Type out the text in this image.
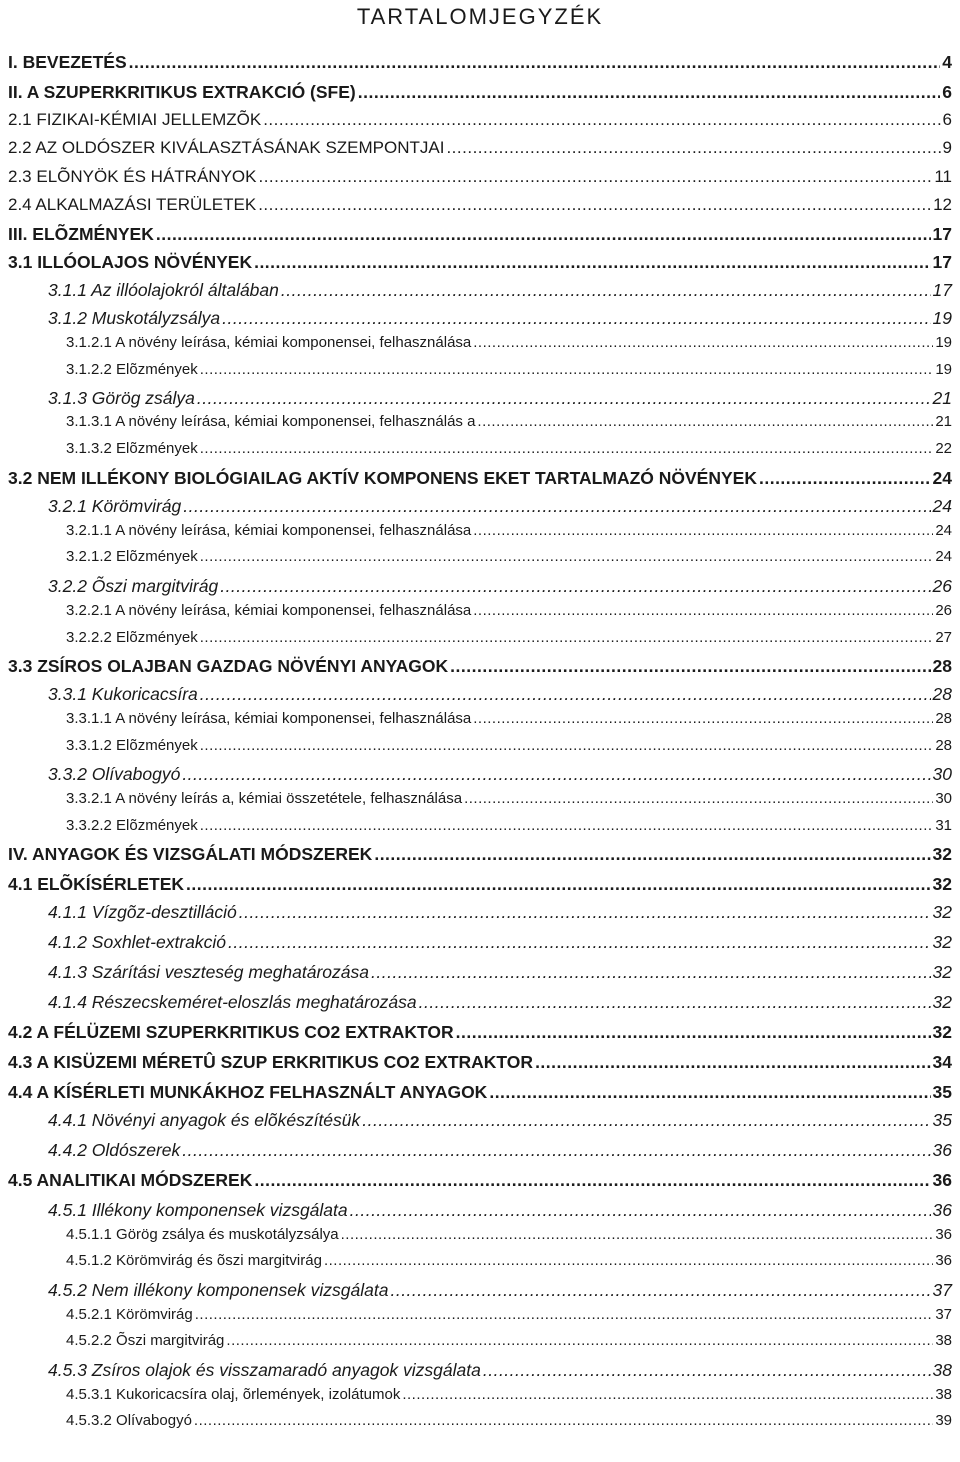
TARTALOMJEGYZÉK
I. BEVEZETÉS .....	4
II. A SZUPERKRITIKUS EXTRAKCIÓ (SFE) .....	6
2.1 FIZIKAI-KÉMIAI JELLEMZÕK .....	6
2.2 AZ OLDÓSZER KIVÁLASZTÁSÁNAK SZEMPONTJAI .....	9
2.3 ELÕNYÖK ÉS HÁTRÁNYOK .....	11
2.4 ALKALMAZÁSI TERÜLETEK .....	12
III. ELÕZMÉNYEK .....	17
3.1 ILLÓOLAJOS NÖVÉNYEK .....	17
3.1.1 Az illóolajokról általában .....	17
3.1.2 Muskotályzsálya .....	19
3.1.2.1 A növény leírása, kémiai komponensei, felhasználása .....	19
3.1.2.2 Elõzmények .....	19
3.1.3 Görög zsálya .....	21
3.1.3.1 A növény leírása, kémiai komponensei, felhasználás a .....	21
3.1.3.2 Elõzmények .....	22
3.2 NEM ILLÉKONY BIOLÓGIAILAG AKTÍV KOMPONENS EKET TARTALMAZÓ NÖVÉNYEK .....	24
3.2.1 Körömvirág .....	24
3.2.1.1 A növény leírása, kémiai komponensei, felhasználása .....	24
3.2.1.2 Elõzmények .....	24
3.2.2 Õszi margitvirág .....	26
3.2.2.1 A növény leírása, kémiai komponensei, felhasználása .....	26
3.2.2.2 Elõzmények .....	27
3.3 ZSÍROS OLAJBAN GAZDAG NÖVÉNYI ANYAGOK .....	28
3.3.1 Kukoricacsíra .....	28
3.3.1.1 A növény leírása, kémiai komponensei, felhasználása .....	28
3.3.1.2 Elõzmények .....	28
3.3.2 Olívabogyó .....	30
3.3.2.1 A növény leírás a, kémiai összetétele, felhasználása .....	30
3.3.2.2 Elõzmények .....	31
IV. ANYAGOK ÉS VIZSGÁLATI MÓDSZEREK .....	32
4.1 ELÕKÍSÉRLETEK .....	32
4.1.1 Vízgõz-desztilláció .....	32
4.1.2 Soxhlet-extrakció .....	32
4.1.3 Szárítási veszteség meghatározása .....	32
4.1.4 Részecskeméret-eloszlás meghatározása .....	32
4.2 A FÉLÜZEMI SZUPERKRITIKUS CO2 EXTRAKTOR .....	32
4.3 A KISÜZEMI MÉRETÛ SZUP ERKRITIKUS CO2 EXTRAKTOR .....	34
4.4 A KÍSÉRLETI MUNKÁKHOZ FELHASZNÁLT ANYAGOK .....	35
4.4.1 Növényi anyagok és elõkészítésük .....	35
4.4.2 Oldószerek .....	36
4.5 ANALITIKAI MÓDSZEREK .....	36
4.5.1 Illékony komponensek vizsgálata .....	36
4.5.1.1 Görög zsálya és muskotályzsálya .....	36
4.5.1.2 Körömvirág és õszi margitvirág .....	36
4.5.2 Nem illékony komponensek vizsgálata .....	37
4.5.2.1 Körömvirág .....	37
4.5.2.2 Õszi margitvirág .....	38
4.5.3 Zsíros olajok és visszamaradó anyagok vizsgálata .....	38
4.5.3.1 Kukoricacsíra olaj, õrlemények, izolátumok .....	38
4.5.3.2 Olívabogyó .....	39
